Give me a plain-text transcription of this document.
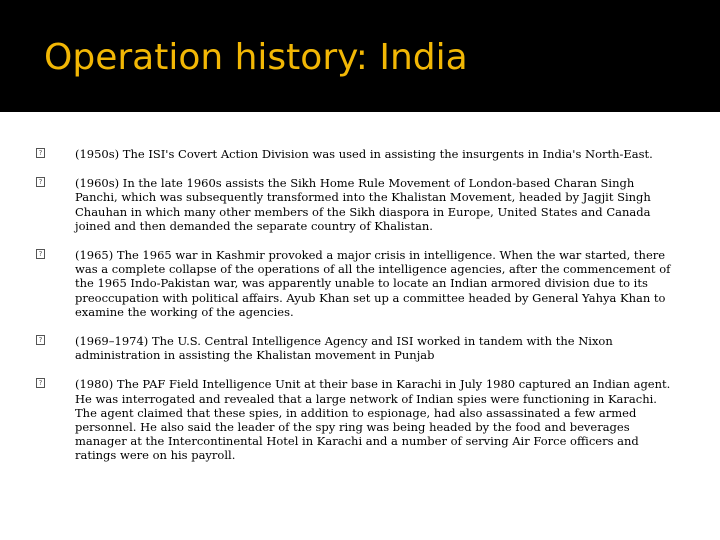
Operation history: India
?	(1950s) The ISI's Covert Action Division was used in assisting the insurgents in India's North-East.
?	(1960s) In the late 1960s assists the Sikh Home Rule Movement of London-based Charan Singh Panchi, which was subsequently transformed into the Khalistan Movement, headed by Jagjit Singh Chauhan in which many other members of the Sikh diaspora in Europe, United States and Canada joined and then demanded the separate country of Khalistan.
?	(1965) The 1965 war in Kashmir provoked a major crisis in intelligence. When the war started, there was a complete collapse of the operations of all the intelligence agencies, after the commencement of the 1965 Indo-Pakistan war, was apparently unable to locate an Indian armored division due to its preoccupation with political affairs. Ayub Khan set up a committee headed by General Yahya Khan to examine the working of the agencies.
?	(1969–1974) The U.S. Central Intelligence Agency and ISI worked in tandem with the Nixon administration in assisting the Khalistan movement in Punjab
?	(1980) The PAF Field Intelligence Unit at their base in Karachi in July 1980 captured an Indian agent. He was interrogated and revealed that a large network of Indian spies were functioning in Karachi. The agent claimed that these spies, in addition to espionage, had also assassinated a few armed personnel. He also said the leader of the spy ring was being headed by the food and beverages manager at the Intercontinental Hotel in Karachi and a number of serving Air Force officers and ratings were on his payroll.
